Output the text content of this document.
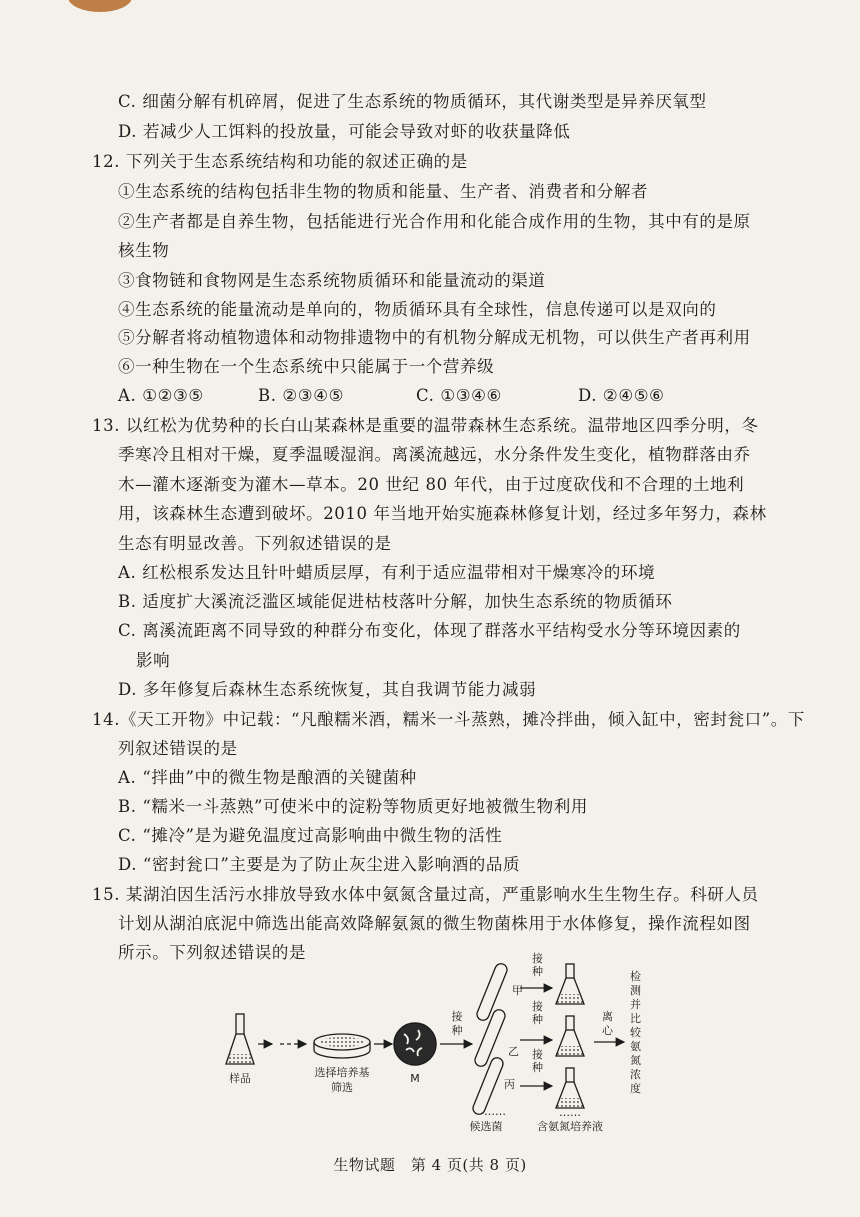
C. 细菌分解有机碎屑，促进了生态系统的物质循环，其代谢类型是异养厌氧型
D. 若减少人工饵料的投放量，可能会导致对虾的收获量降低
12. 下列关于生态系统结构和功能的叙述正确的是
①生态系统的结构包括非生物的物质和能量、生产者、消费者和分解者
②生产者都是自养生物，包括能进行光合作用和化能合成作用的生物，其中有的是原
核生物
③食物链和食物网是生态系统物质循环和能量流动的渠道
④生态系统的能量流动是单向的，物质循环具有全球性，信息传递可以是双向的
⑤分解者将动植物遗体和动物排遗物中的有机物分解成无机物，可以供生产者再利用
⑥一种生物在一个生态系统中只能属于一个营养级
A. ①②③⑤	B. ②③④⑤	C. ①③④⑥	D. ②④⑤⑥
13. 以红松为优势种的长白山某森林是重要的温带森林生态系统。温带地区四季分明，冬
季寒冷且相对干燥，夏季温暖湿润。离溪流越远，水分条件发生变化，植物群落由乔
木—灌木逐渐变为灌木—草本。20 世纪 80 年代，由于过度砍伐和不合理的土地利
用，该森林生态遭到破坏。2010 年当地开始实施森林修复计划，经过多年努力，森林
生态有明显改善。下列叙述错误的是
A. 红松根系发达且针叶蜡质层厚，有利于适应温带相对干燥寒冷的环境
B. 适度扩大溪流泛滥区域能促进枯枝落叶分解，加快生态系统的物质循环
C. 离溪流距离不同导致的种群分布变化，体现了群落水平结构受水分等环境因素的
影响
D. 多年修复后森林生态系统恢复，其自我调节能力减弱
14.《天工开物》中记载：“凡酿糯米酒，糯米一斗蒸熟，摊冷拌曲，倾入缸中，密封瓮口”。下
列叙述错误的是
A. “拌曲”中的微生物是酿酒的关键菌种
B. “糯米一斗蒸熟”可使米中的淀粉等物质更好地被微生物利用
C. “摊冷”是为避免温度过高影响曲中微生物的活性
D. “密封瓮口”主要是为了防止灰尘进入影响酒的品质
15. 某湖泊因生活污水排放导致水体中氨氮含量过高，严重影响水生生物生存。科研人员
计划从湖泊底泥中筛选出能高效降解氨氮的微生物菌株用于水体修复，操作流程如图
所示。下列叙述错误的是
样品	选择培养基
筛选
M
接种
甲
乙
丙
……
候选菌
接种
接种
接种
……
含氨氮培养液
离心
检 测 并 比 较 氨 氮 浓 度
生物试题　第 4 页(共 8 页)
